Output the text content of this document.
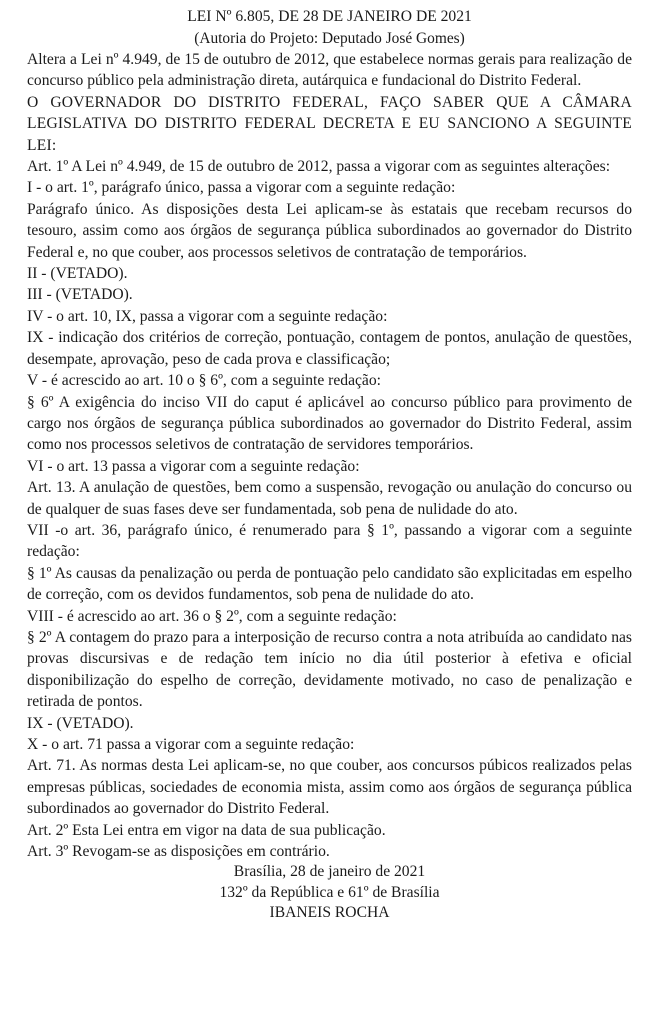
LEI Nº 6.805, DE 28 DE JANEIRO DE 2021
(Autoria do Projeto: Deputado José Gomes)

Altera a Lei nº 4.949, de 15 de outubro de 2012, que estabelece normas gerais para realização de concurso público pela administração direta, autárquica e fundacional do Distrito Federal.

O GOVERNADOR DO DISTRITO FEDERAL, FAÇO SABER QUE A CÂMARA LEGISLATIVA DO DISTRITO FEDERAL DECRETA E EU SANCIONO A SEGUINTE LEI:

Art. 1º A Lei nº 4.949, de 15 de outubro de 2012, passa a vigorar com as seguintes alterações:

I - o art. 1º, parágrafo único, passa a vigorar com a seguinte redação:

Parágrafo único. As disposições desta Lei aplicam-se às estatais que recebam recursos do tesouro, assim como aos órgãos de segurança pública subordinados ao governador do Distrito Federal e, no que couber, aos processos seletivos de contratação de temporários.

II - (VETADO).

III - (VETADO).

IV - o art. 10, IX, passa a vigorar com a seguinte redação:

IX - indicação dos critérios de correção, pontuação, contagem de pontos, anulação de questões, desempate, aprovação, peso de cada prova e classificação;

V - é acrescido ao art. 10 o § 6º, com a seguinte redação:

§ 6º A exigência do inciso VII do caput é aplicável ao concurso público para provimento de cargo nos órgãos de segurança pública subordinados ao governador do Distrito Federal, assim como nos processos seletivos de contratação de servidores temporários.

VI - o art. 13 passa a vigorar com a seguinte redação:

Art. 13. A anulação de questões, bem como a suspensão, revogação ou anulação do concurso ou de qualquer de suas fases deve ser fundamentada, sob pena de nulidade do ato.

VII -o art. 36, parágrafo único, é renumerado para § 1º, passando a vigorar com a seguinte redação:

§ 1º As causas da penalização ou perda de pontuação pelo candidato são explicitadas em espelho de correção, com os devidos fundamentos, sob pena de nulidade do ato.

VIII - é acrescido ao art. 36 o § 2º, com a seguinte redação:

§ 2º A contagem do prazo para a interposição de recurso contra a nota atribuída ao candidato nas provas discursivas e de redação tem início no dia útil posterior à efetiva e oficial disponibilização do espelho de correção, devidamente motivado, no caso de penalização e retirada de pontos.

IX - (VETADO).

X - o art. 71 passa a vigorar com a seguinte redação:

Art. 71. As normas desta Lei aplicam-se, no que couber, aos concursos púbicos realizados pelas empresas públicas, sociedades de economia mista, assim como aos órgãos de segurança pública subordinados ao governador do Distrito Federal.

Art. 2º Esta Lei entra em vigor na data de sua publicação.

Art. 3º Revogam-se as disposições em contrário.

Brasília, 28 de janeiro de 2021
132º da República e 61º de Brasília
IBANEIS ROCHA
